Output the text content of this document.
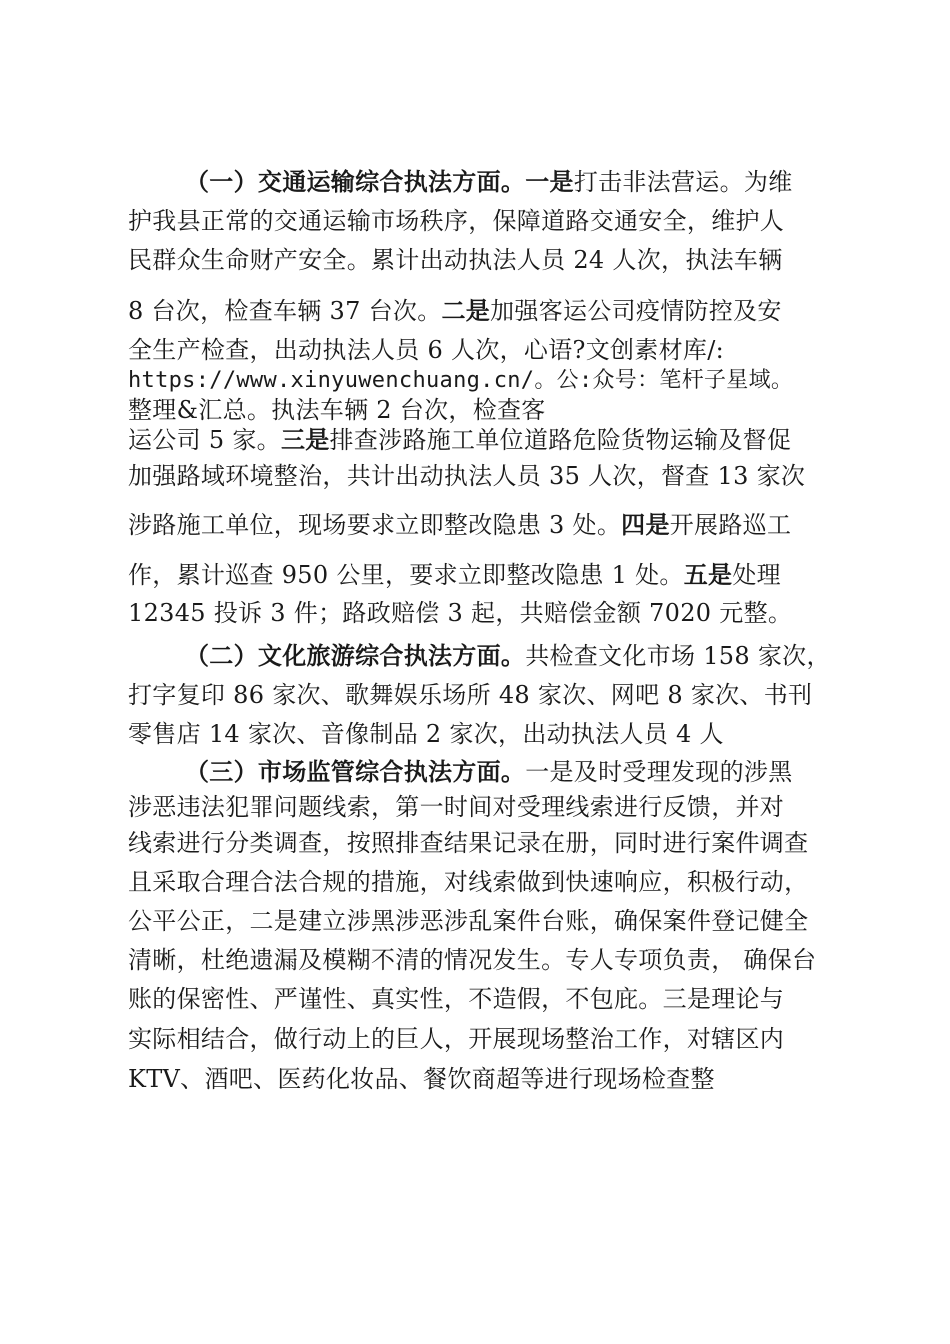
（一）交通运输综合执法方面。一是打击非法营运。为维
护我县正常的交通运输市场秩序，保障道路交通安全，维护人
民群众生命财产安全。累计出动执法人员 24 人次，执法车辆
8 台次，检查车辆 37 台次。二是加强客运公司疫情防控及安
全生产检查，出动执法人员 6 人次，心语?文创素材库/:
https://www.xinyuwenchuang.cn/。公:众号：笔杆子星域。
整理&汇总。执法车辆 2 台次，检查客
运公司 5 家。三是排查涉路施工单位道路危险货物运输及督促
加强路域环境整治，共计出动执法人员 35 人次，督查 13 家次
涉路施工单位，现场要求立即整改隐患 3 处。四是开展路巡工
作，累计巡查 950 公里，要求立即整改隐患 1 处。五是处理
12345 投诉 3 件；路政赔偿 3 起，共赔偿金额 7020 元整。
（二）文化旅游综合执法方面。共检查文化市场 158 家次，
打字复印 86 家次、歌舞娱乐场所 48 家次、网吧 8 家次、书刊
零售店 14 家次、音像制品 2 家次，出动执法人员 4 人
（三）市场监管综合执法方面。一是及时受理发现的涉黑
涉恶违法犯罪问题线索，第一时间对受理线索进行反馈，并对
线索进行分类调查，按照排查结果记录在册，同时进行案件调查
且采取合理合法合规的措施，对线索做到快速响应，积极行动，
公平公正，二是建立涉黑涉恶涉乱案件台账，确保案件登记健全
清晰，杜绝遗漏及模糊不清的情况发生。专人专项负责， 确保台
账的保密性、严谨性、真实性，不造假，不包庇。三是理论与
实际相结合，做行动上的巨人，开展现场整治工作，对辖区内
KTV、酒吧、医药化妆品、餐饮商超等进行现场检查整
